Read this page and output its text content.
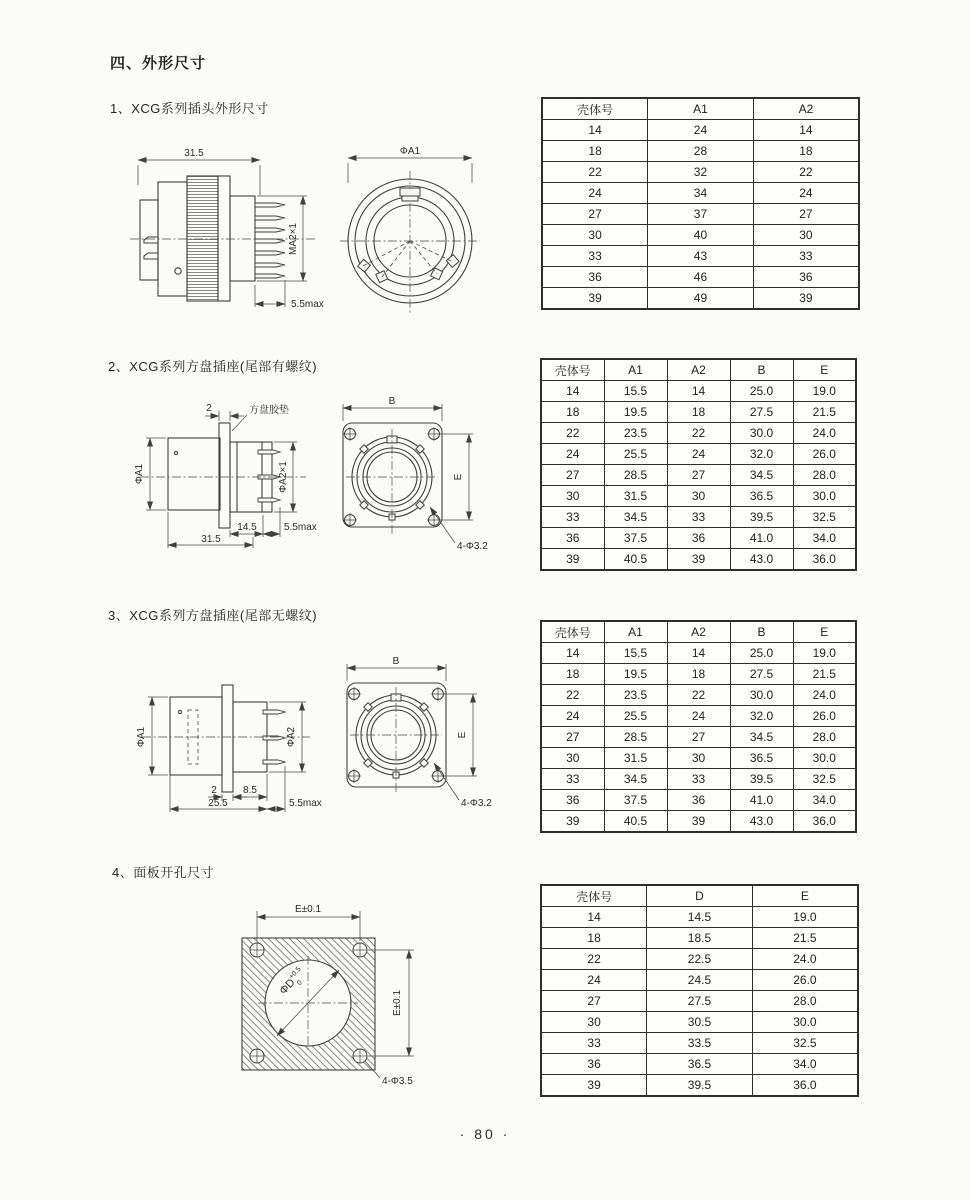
四、外形尺寸
1、XCG系列插头外形尺寸
31.5
MA2×1
5.5max
ΦA1
壳体号	A1	A2
14	24	14
18	28	18
22	32	22
24	34	24
27	37	27
30	40	30
33	43	33
36	46	36
39	49	39
2、XCG系列方盘插座(尾部有螺纹)
2	方盘胶垫
ΦA1	ΦA2×1
14.5	5.5max
31.5
B
E
4-Φ3.2
壳体号	A1	A2	B	E
14	15.5	14	25.0	19.0
18	19.5	18	27.5	21.5
22	23.5	22	30.0	24.0
24	25.5	24	32.0	26.0
27	28.5	27	34.5	28.0
30	31.5	30	36.5	30.0
33	34.5	33	39.5	32.5
36	37.5	36	41.0	34.0
39	40.5	39	43.0	36.0
3、XCG系列方盘插座(尾部无螺纹)
ΦA1	ΦA2
2	8.5
25.5	5.5max
B
E
4-Φ3.2
壳体号	A1	A2	B	E
14	15.5	14	25.0	19.0
18	19.5	18	27.5	21.5
22	23.5	22	30.0	24.0
24	25.5	24	32.0	26.0
27	28.5	27	34.5	28.0
30	31.5	30	36.5	30.0
33	34.5	33	39.5	32.5
36	37.5	36	41.0	34.0
39	40.5	39	43.0	36.0
4、面板开孔尺寸
E±0.1
E±0.1
$\Phi D^{+0.5}0$
4-Φ3.5
壳体号	D	E
14	14.5	19.0
18	18.5	21.5
22	22.5	24.0
24	24.5	26.0
27	27.5	28.0
30	30.5	30.0
33	33.5	32.5
36	36.5	34.0
39	39.5	36.0
· 80 ·
